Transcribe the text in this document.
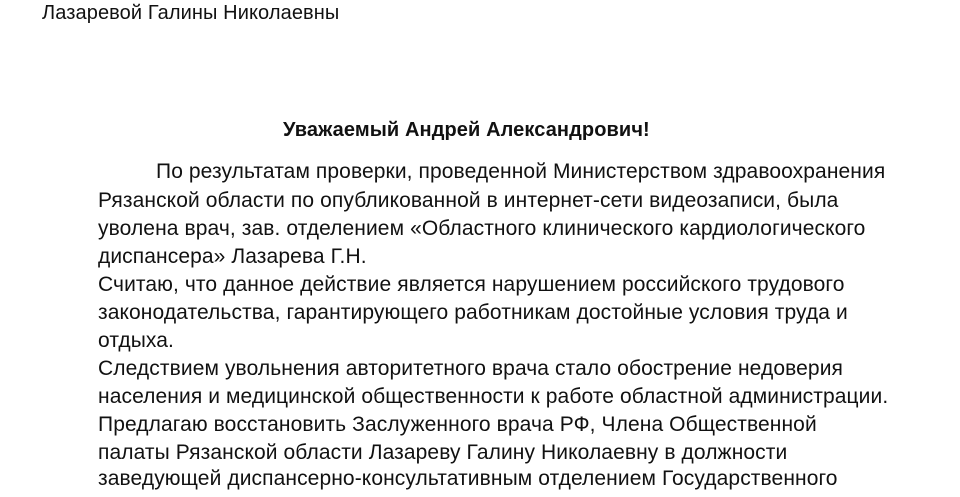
Лазаревой Галины Николаевны
Уважаемый Андрей Александрович!
По результатам проверки, проведенной Министерством здравоохранения
Рязанской области по опубликованной в интернет-сети видеозаписи, была
уволена врач, зав. отделением «Областного клинического кардиологического
диспансера» Лазарева Г.Н.
Считаю, что данное действие является нарушением российского трудового
законодательства, гарантирующего работникам достойные условия труда и
отдыха.
Следствием увольнения авторитетного врача стало обострение недоверия
населения и медицинской общественности к работе областной администрации.
Предлагаю восстановить Заслуженного врача РФ, Члена Общественной
палаты Рязанской области Лазареву Галину Николаевну в должности
заведующей диспансерно-консультативным отделением Государственного
